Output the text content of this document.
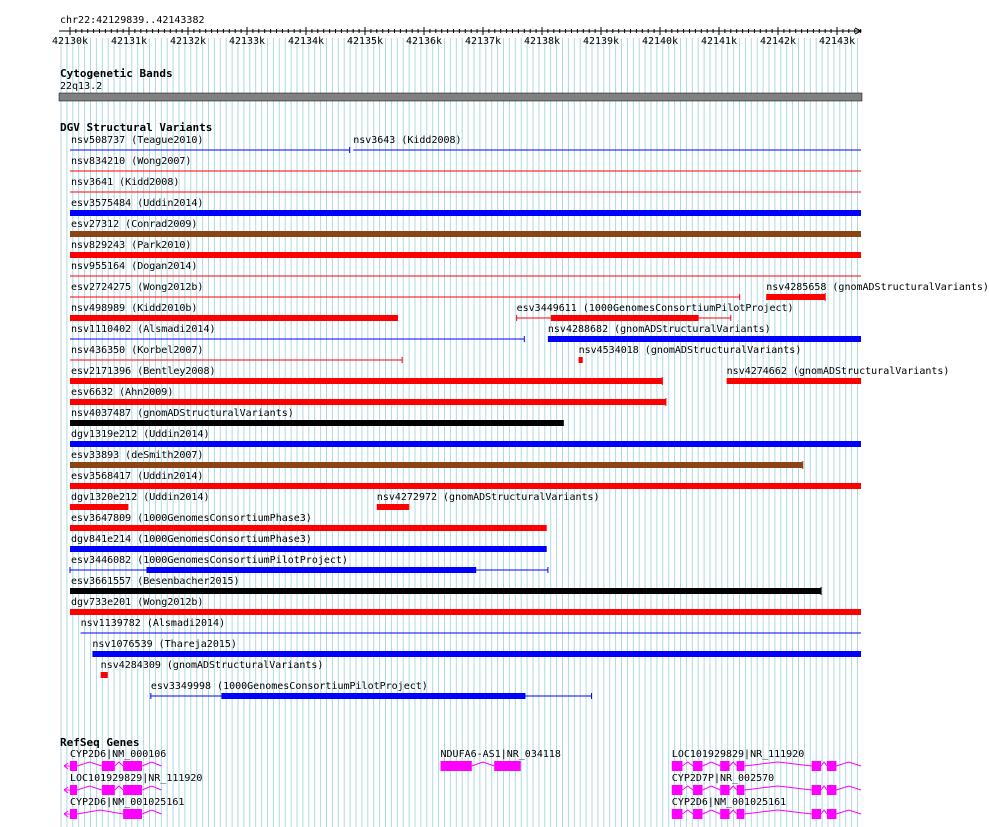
chr22:42129839..42143382
42130k 42131k 42132k 42133k 42134k 42135k 42136k 42137k 42138k 42139k 42140k 42141k 42142k 42143k
Cytogenetic Bands
22q13.2
DGV Structural Variants
nsv508737 (Teague2010)	nsv3643 (Kidd2008)
nsv834210 (Wong2007)
nsv3641 (Kidd2008)
esv3575484 (Uddin2014)
esv27312 (Conrad2009)
nsv829243 (Park2010)
nsv955164 (Dogan2014)
esv2724275 (Wong2012b)	nsv4285658 (gnomADStructuralVariants)
nsv498989 (Kidd2010b)	esv3449611 (1000GenomesConsortiumPilotProject)
nsv1110402 (Alsmadi2014)	nsv4288682 (gnomADStructuralVariants)
nsv436350 (Korbel2007)	nsv4534018 (gnomADStructuralVariants)
esv2171396 (Bentley2008)	nsv4274662 (gnomADStructuralVariants)
esv6632 (Ahn2009)
nsv4037487 (gnomADStructuralVariants)
dgv1319e212 (Uddin2014)
esv33893 (deSmith2007)
esv3568417 (Uddin2014)
dgv1320e212 (Uddin2014)	nsv4272972 (gnomADStructuralVariants)
esv3647809 (1000GenomesConsortiumPhase3)
dgv841e214 (1000GenomesConsortiumPhase3)
esv3446082 (1000GenomesConsortiumPilotProject)
esv3661557 (Besenbacher2015)
dgv733e201 (Wong2012b)
nsv1139782 (Alsmadi2014)
nsv1076539 (Thareja2015)
nsv4284309 (gnomADStructuralVariants)
esv3349998 (1000GenomesConsortiumPilotProject)
RefSeq Genes
CYP2D6|NM_000106	NDUFA6-AS1|NR_034118	LOC101929829|NR_111920
LOC101929829|NR_111920	CYP2D7P|NR_002570
CYP2D6|NM_001025161	CYP2D6|NM_001025161
